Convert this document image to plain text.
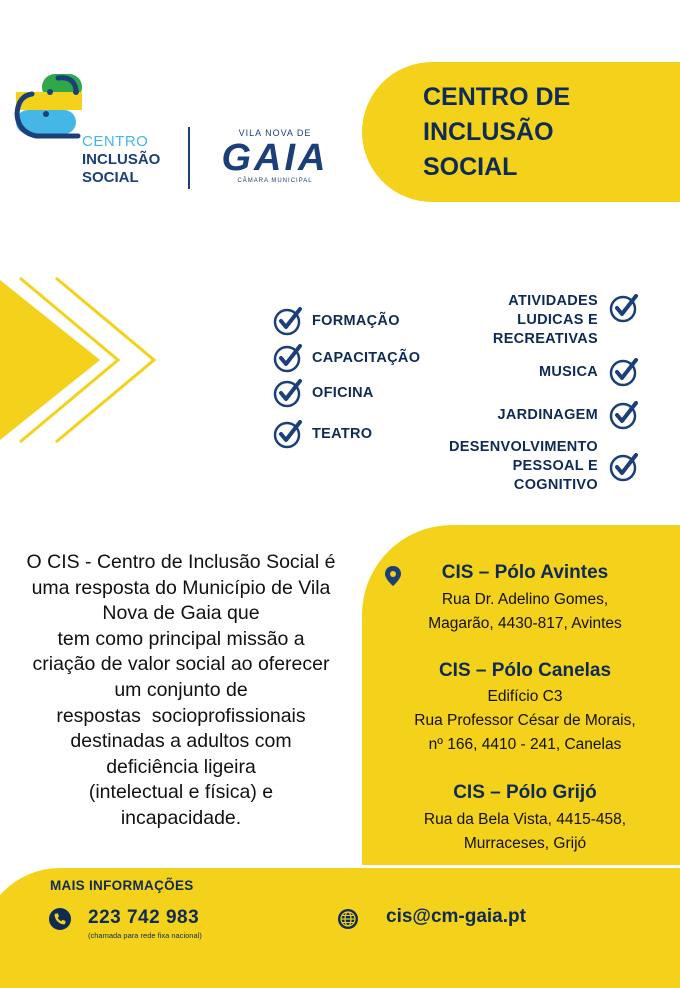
CENTRO DE
INCLUSÃO
SOCIAL
CENTRO
INCLUSÃO
SOCIAL
VILA NOVA DE
GAIA
CÂMARA MUNICIPAL
FORMAÇÃO
CAPACITAÇÃO
OFICINA
TEATRO
ATIVIDADES
LUDICAS E
RECREATIVAS
MUSICA
JARDINAGEM
DESENVOLVIMENTO
PESSOAL E
COGNITIVO
O CIS - Centro de Inclusão Social é
uma resposta do Município de Vila
Nova de Gaia que
tem como principal missão a
criação de valor social ao oferecer
um conjunto de
respostas  socioprofissionais
destinadas a adultos com
deficiência ligeira
(intelectual e física) e
incapacidade.
CIS – Pólo Avintes
Rua Dr. Adelino Gomes,
Magarão, 4430-817, Avintes
CIS – Pólo Canelas
Edifício C3
Rua Professor César de Morais,
nº 166, 4410 - 241, Canelas
CIS – Pólo Grijó
Rua da Bela Vista, 4415-458,
Murraceses, Grijó
MAIS INFORMAÇÕES
223 742 983
(chamada para rede fixa nacional)
cis@cm-gaia.pt
